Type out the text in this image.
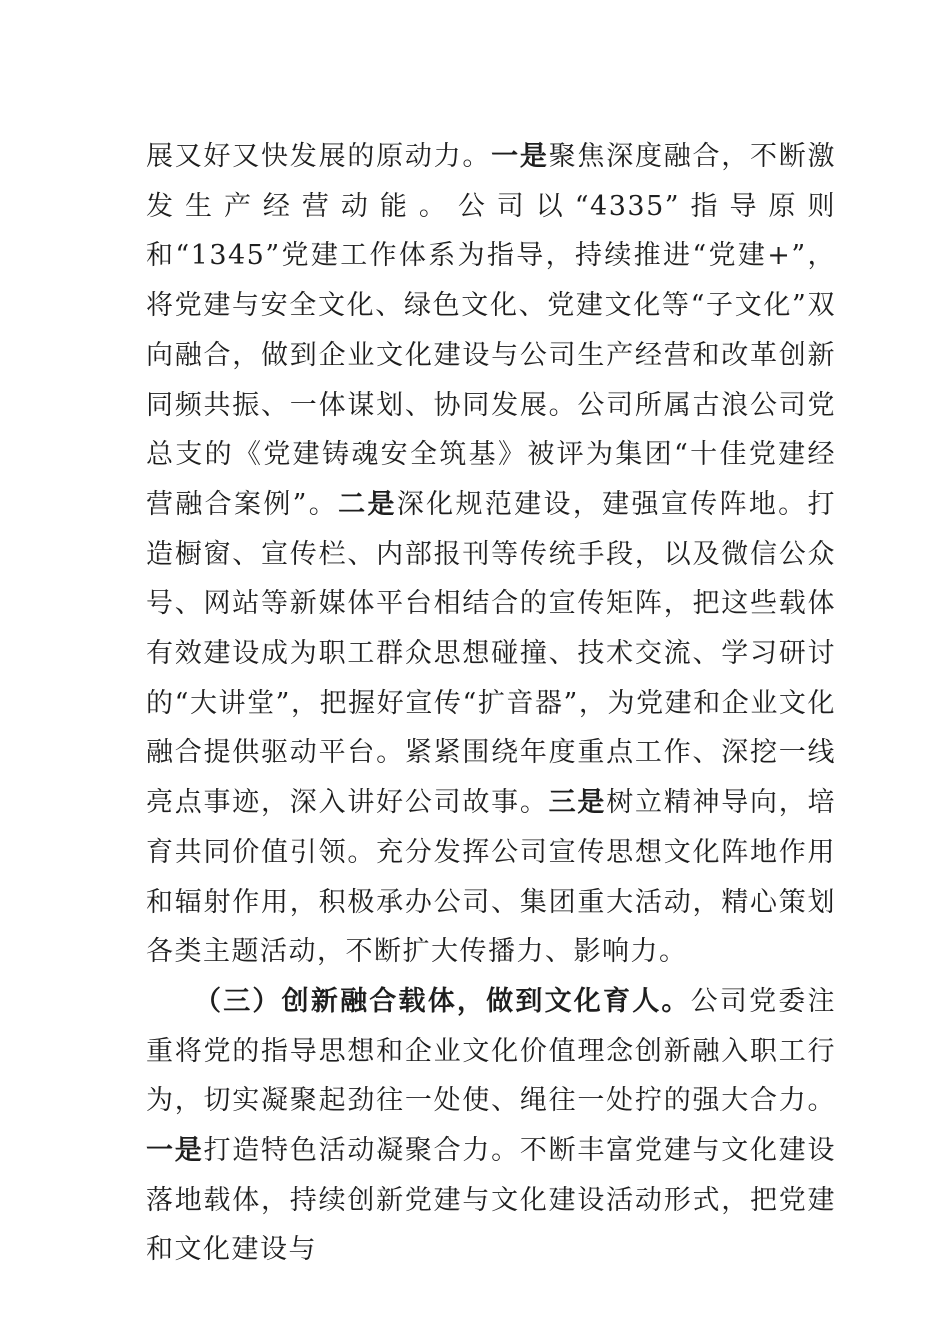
展又好又快发展的原动力。一是聚焦深度融合，不断激发生产经营动能。公司以“4335”指导原则和“1345”党建工作体系为指导，持续推进“党建+”，将党建与安全文化、绿色文化、党建文化等“子文化”双向融合，做到企业文化建设与公司生产经营和改革创新同频共振、一体谋划、协同发展。公司所属古浪公司党总支的《党建铸魂安全筑基》被评为集团“十佳党建经营融合案例”。二是深化规范建设，建强宣传阵地。打造橱窗、宣传栏、内部报刊等传统手段，以及微信公众号、网站等新媒体平台相结合的宣传矩阵，把这些载体有效建设成为职工群众思想碰撞、技术交流、学习研讨的“大讲堂”，把握好宣传“扩音器”，为党建和企业文化融合提供驱动平台。紧紧围绕年度重点工作、深挖一线亮点事迹，深入讲好公司故事。三是树立精神导向，培育共同价值引领。充分发挥公司宣传思想文化阵地作用和辐射作用，积极承办公司、集团重大活动，精心策划各类主题活动，不断扩大传播力、影响力。

（三）创新融合载体，做到文化育人。公司党委注重将党的指导思想和企业文化价值理念创新融入职工行为，切实凝聚起劲往一处使、绳往一处拧的强大合力。一是打造特色活动凝聚合力。不断丰富党建与文化建设落地载体，持续创新党建与文化建设活动形式，把党建和文化建设与
